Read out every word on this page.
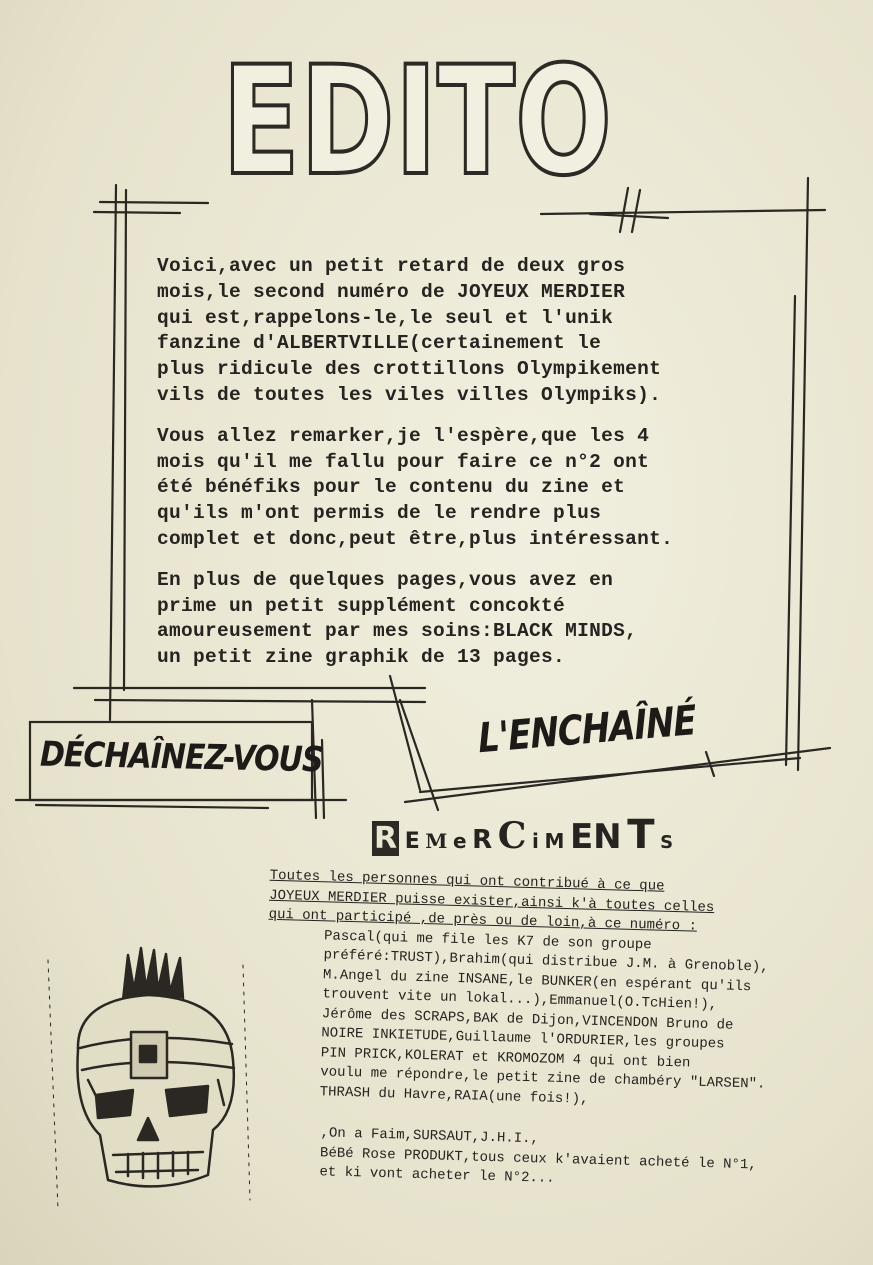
EDITO

Voici,avec un petit retard de deux gros
mois,le second numéro de JOYEUX MERDIER
qui est,rappelons-le,le seul et l'unik
fanzine d'ALBERTVILLE(certainement le
plus ridicule des crottillons Olympikement
vils de toutes les viles villes Olympiks).

Vous allez remarker,je l'espère,que les 4
mois qu'il me fallu pour faire ce n°2 ont
été bénéfiks pour le contenu du zine et
qu'ils m'ont permis de le rendre plus
complet et donc,peut être,plus intéressant.

En plus de quelques pages,vous avez en
prime un petit supplément concokté
amoureusement par mes soins:BLACK MINDS,
un petit zine graphik de 13 pages.

DÉCHAÎNEZ-VOUS	L'ENCHAÎNÉ
R E M e R C i M EN T S
Toutes les personnes qui ont contribué à ce que
JOYEUX MERDIER puisse exister,ainsi k'à toutes celles
qui ont participé ,de près ou de loin,à ce numéro :
Pascal(qui me file les K7 de son groupe
préféré:TRUST),Brahim(qui distribue J.M. à Grenoble),
M.Angel du zine INSANE,le BUNKER(en espérant qu'ils
trouvent vite un lokal...),Emmanuel(O.TcHien!),
Jérôme des SCRAPS,BAK de Dijon,VINCENDON Bruno de
NOIRE INKIETUDE,Guillaume l'ORDURIER,les groupes
PIN PRICK,KOLERAT et KROMOZOM 4 qui ont bien
voulu me répondre,le petit zine de chambéry "LARSEN".
THRASH du Havre,RAIA(une fois!),
,On a Faim,SURSAUT,J.H.I.,
BéBé Rose PRODUKT,tous ceux k'avaient acheté le N°1,
et ki vont acheter le N°2...
